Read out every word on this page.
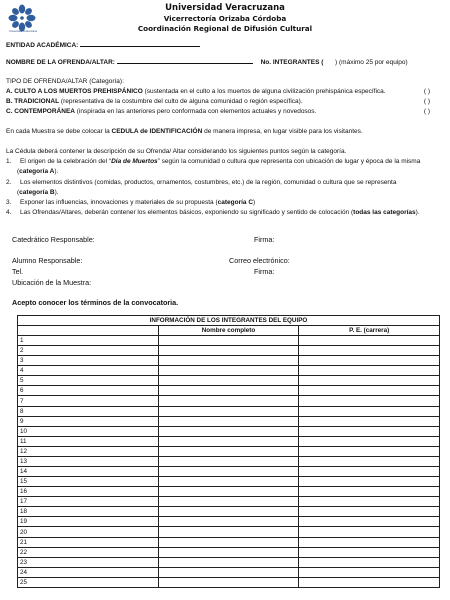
Universidad Veracruzana
Universidad Veracruzana
Vicerrectoría Orizaba Córdoba
Coordinación Regional de Difusión Cultural
ENTIDAD ACADÉMICA:
NOMBRE DE LA OFRENDA/ALTAR:	No. INTEGRANTES ( ) (máximo 25 por equipo)
TIPO DE OFRENDA/ALTAR (Categoría):
A. CULTO A LOS MUERTOS PREHISPÁNICO (sustentada en el culto a los muertos de alguna civilización prehispánica específica.	( )
B. TRADICIONAL (representativa de la costumbre del culto de alguna comunidad o región específica).	( )
C. CONTEMPORÁNEA (inspirada en las anteriores pero conformada con elementos actuales y novedosos.	( )
En cada Muestra se debe colocar la CEDULA de IDENTIFICACIÓN de manera impresa, en lugar visible para los visitantes.
La Cédula deberá contener la descripción de su Ofrenda/ Altar considerando los siguientes puntos según la categoría.
1. El origen de la celebración del “Día de Muertos” según la comunidad o cultura que representa con ubicación de lugar y época de la misma
(categoría A).
2. Los elementos distintivos (comidas, productos, ornamentos, costumbres, etc.) de la región, comunidad o cultura que se representa
(categoría B).
3. Exponer las influencias, innovaciones y materiales de su propuesta (categoría C)
4. Las Ofrendas/Altares, deberán contener los elementos básicos, exponiendo su significado y sentido de colocación (todas las categorías).
Catedrático Responsable:	Firma:
Alumno Responsable:	Correo electrónico:
Tel.	Firma:
Ubicación de la Muestra:
Acepto conocer los términos de la convocatoria.
INFORMACIÓN DE LOS INTEGRANTES DEL EQUIPO		
	Nombre completo	P. E. (carrera)
1		
2		
3		
4		
5		
6		
7		
8		
9		
10		
11		
12		
13		
14		
15		
16		
17		
18		
19		
20		
21		
22		
23		
24		
25		
